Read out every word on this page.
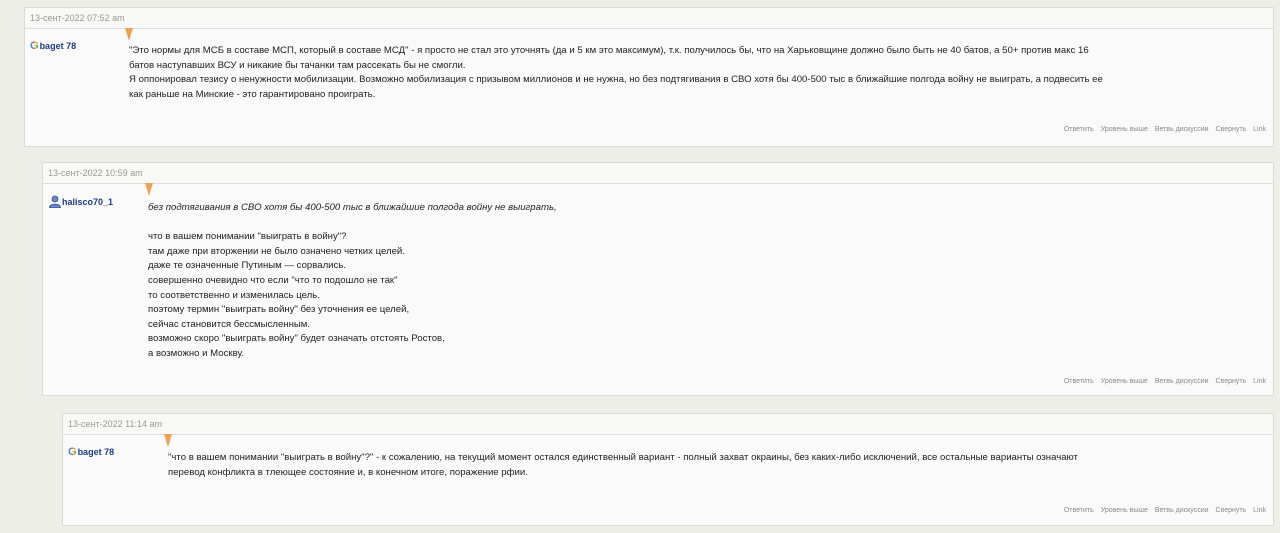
13-сент-2022 07:52 am
G baget 78	"Это нормы для МСБ в составе МСП, который в составе МСД" - я просто не стал это уточнять (да и 5 км это максимум), т.к. получилось бы, что на Харьковщине должно было быть не 40 батов, а 50+ против макс 16

батов наступавших ВСУ и никакие бы тачанки там рассекать бы не смогли.

Я оппонировал тезису о ненужности мобилизации. Возможно мобилизация с призывом миллионов и не нужна, но без подтягивания в СВО хотя бы 400-500 тыс в ближайшие полгода войну не выиграть, а подвесить ее

как раньше на Минские - это гарантировано проиграть.

Ответить Уровень выше Ветвь дискуссии Свернуть Link
13-сент-2022 10:59 am
halisco70_1

без подтягивания в СВО хотя бы 400-500 тыс в ближайшие полгода войну не выиграть,

что в вашем понимании "выиграть в войну"?

там даже при вторжении не было означено четких целей.

даже те означенные Путиным — сорвались.

совершенно очевидно что если "что то подошло не так"

то соответственно и изменилась цель.

поэтому термин "выиграть войну" без уточнения ее целей,

сейчас становится бессмысленным.

возможно скоро "выиграть войну" будет означать отстоять Ростов,

а возможно и Москву.

Ответить Уровень выше Ветвь дискуссии Свернуть Link
13-сент-2022 11:14 am
G baget 78	"что в вашем понимании "выиграть в войну"?" - к сожалению, на текущий момент остался единственный вариант - полный захват окраины, без каких-либо исключений, все остальные варианты означают

перевод конфликта в тлеющее состояние и, в конечном итоге, поражение рфии.

Ответить Уровень выше Ветвь дискуссии Свернуть Link
